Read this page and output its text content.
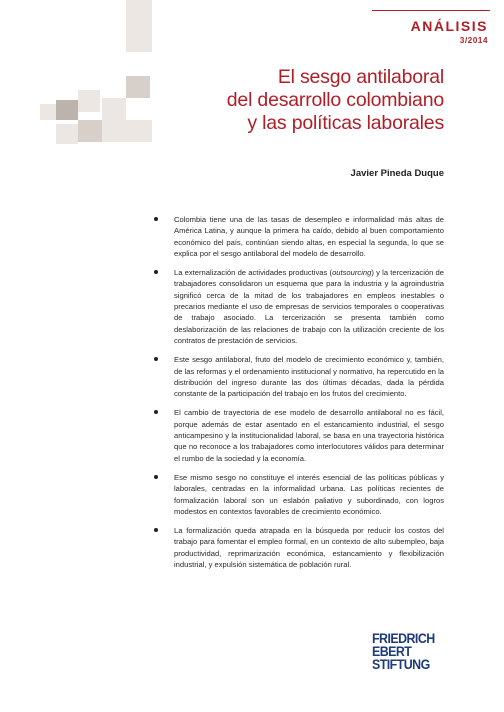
ANÁLISIS
3/2014
El sesgo antilaboral
del desarrollo colombiano
y las políticas laborales
Javier Pineda Duque

Colombia tiene una de las tasas de desempleo e informalidad más altas de América Latina, y aunque la primera ha caído, debido al buen comportamiento económico del país, continúan siendo altas, en especial la segunda, lo que se explica por el sesgo antilaboral del modelo de desarrollo.

La externalización de actividades productivas (outsourcing) y la tercerización de trabajadores consolidaron un esquema que para la industria y la agroindustria significó cerca de la mitad de los trabajadores en empleos inestables o precarios mediante el uso de empresas de servicios temporales o cooperativas de trabajo asociado. La tercerización se presenta también como deslaborización de las relaciones de trabajo con la utilización creciente de los contratos de prestación de servicios.

Este sesgo antilaboral, fruto del modelo de crecimiento económico y, también, de las reformas y el ordenamiento institucional y normativo, ha repercutido en la distribución del ingreso durante las dos últimas décadas, dada la pérdida constante de la participación del trabajo en los frutos del crecimiento.

El cambio de trayectoria de ese modelo de desarrollo antilaboral no es fácil, porque además de estar asentado en el estancamiento industrial, el sesgo anticampesino y la institucionalidad laboral, se basa en una trayectoria histórica que no reconoce a los trabajadores como interlocutores válidos para determinar el rumbo de la sociedad y la economía.

Ese mismo sesgo no constituye el interés esencial de las políticas públicas y laborales, centradas en la informalidad urbana. Las políticas recientes de formalización laboral son un eslabón paliativo y subordinado, con logros modestos en contextos favorables de crecimiento económico.

La formalización queda atrapada en la búsqueda por reducir los costos del trabajo para fomentar el empleo formal, en un contexto de alto subempleo, baja productividad, reprimarización económica, estancamiento y flexibilización industrial, y expulsión sistemática de población rural.

FRIEDRICH
EBERT
STIFTUNG
